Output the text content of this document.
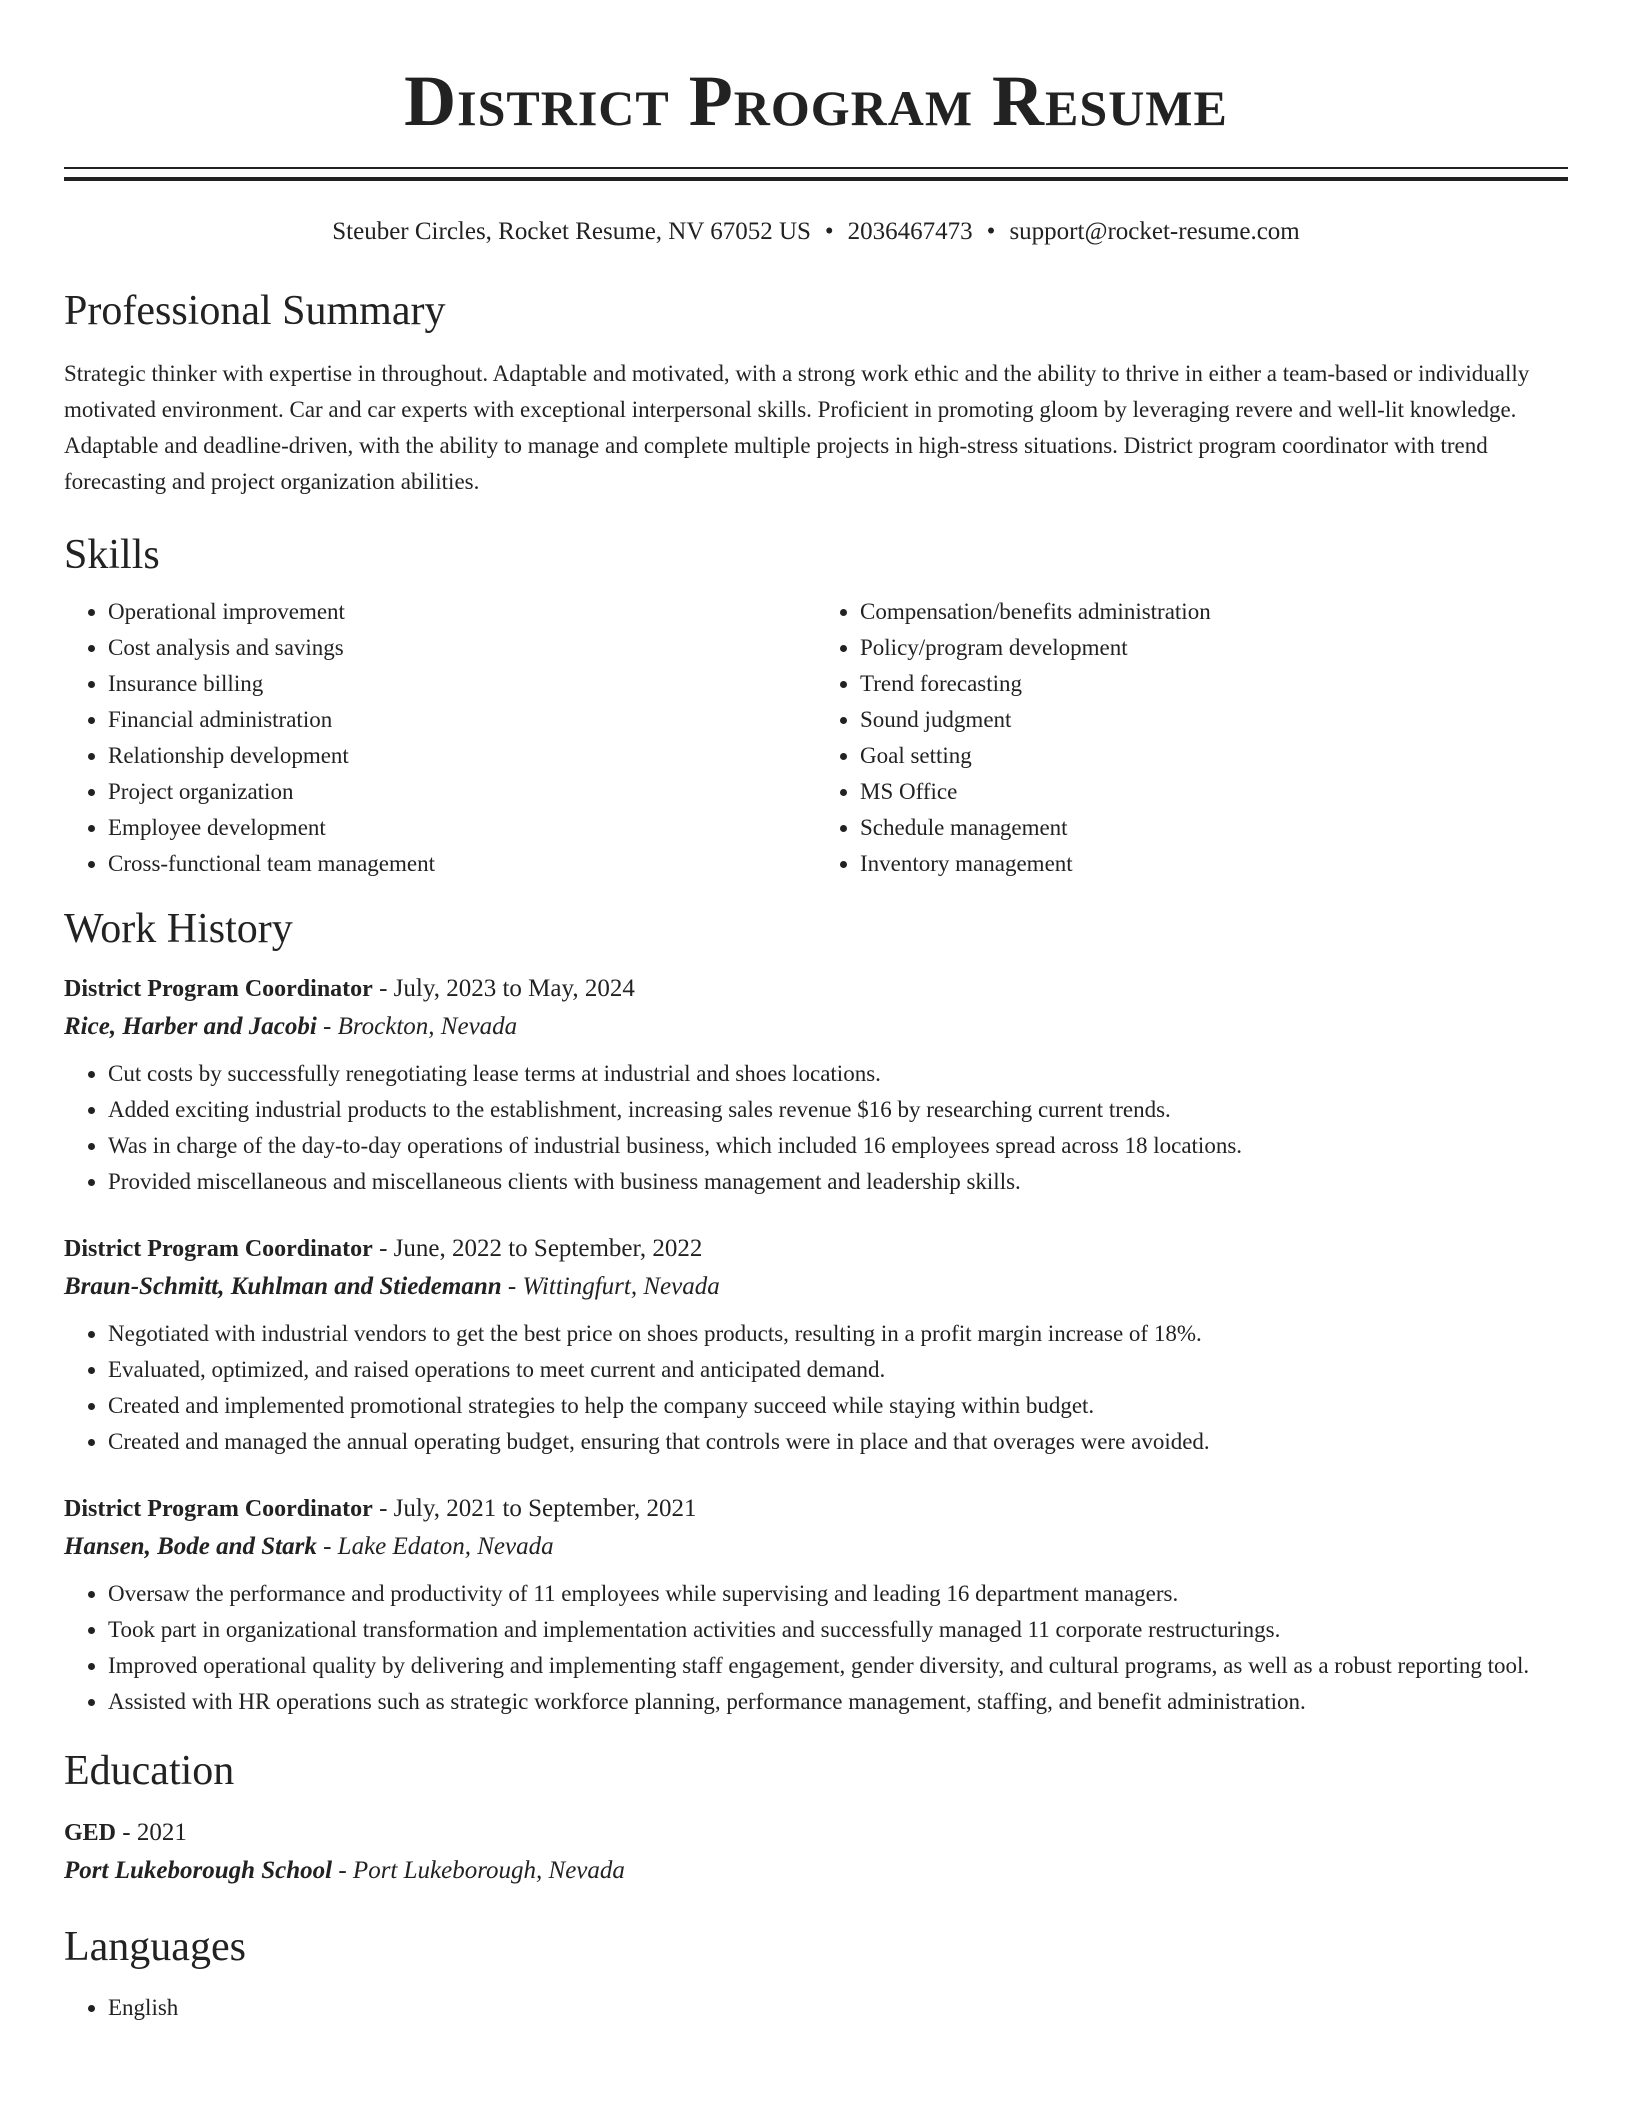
District Program Resume
Steuber Circles, Rocket Resume, NV 67052 US • 2036467473 • support@rocket-resume.com
Professional Summary

Strategic thinker with expertise in throughout. Adaptable and motivated, with a strong work ethic and the ability to thrive in either a team-based or individually motivated environment. Car and car experts with exceptional interpersonal skills. Proficient in promoting gloom by leveraging revere and well-lit knowledge. Adaptable and deadline-driven, with the ability to manage and complete multiple projects in high-stress situations. District program coordinator with trend forecasting and project organization abilities.

Skills
• Operational improvement
• Cost analysis and savings
• Insurance billing
• Financial administration
• Relationship development
• Project organization
• Employee development
• Cross-functional team management
• Compensation/benefits administration
• Policy/program development
• Trend forecasting
• Sound judgment
• Goal setting
• MS Office
• Schedule management
• Inventory management
Work History
District Program Coordinator - July, 2023 to May, 2024
Rice, Harber and Jacobi - Brockton, Nevada
• Cut costs by successfully renegotiating lease terms at industrial and shoes locations.
• Added exciting industrial products to the establishment, increasing sales revenue $16 by researching current trends.
• Was in charge of the day-to-day operations of industrial business, which included 16 employees spread across 18 locations.
• Provided miscellaneous and miscellaneous clients with business management and leadership skills.
District Program Coordinator - June, 2022 to September, 2022
Braun-Schmitt, Kuhlman and Stiedemann - Wittingfurt, Nevada
• Negotiated with industrial vendors to get the best price on shoes products, resulting in a profit margin increase of 18%.
• Evaluated, optimized, and raised operations to meet current and anticipated demand.
• Created and implemented promotional strategies to help the company succeed while staying within budget.
• Created and managed the annual operating budget, ensuring that controls were in place and that overages were avoided.
District Program Coordinator - July, 2021 to September, 2021
Hansen, Bode and Stark - Lake Edaton, Nevada
• Oversaw the performance and productivity of 11 employees while supervising and leading 16 department managers.
• Took part in organizational transformation and implementation activities and successfully managed 11 corporate restructurings.
• Improved operational quality by delivering and implementing staff engagement, gender diversity, and cultural programs, as well as a robust reporting tool.
• Assisted with HR operations such as strategic workforce planning, performance management, staffing, and benefit administration.
Education
GED - 2021
Port Lukeborough School - Port Lukeborough, Nevada
Languages
• English
